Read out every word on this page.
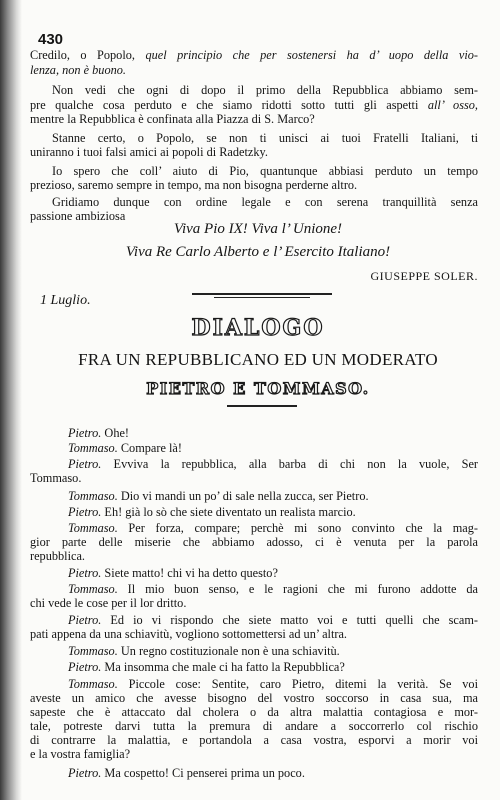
430
Credilo, o Popolo, quel principio che per sostenersi ha d’ uopo della vio-
lenza, non è buono.
Non vedi che ogni di dopo il primo della Repubblica abbiamo sem-
pre qualche cosa perduto e che siamo ridotti sotto tutti gli aspetti all’ osso,
mentre la Repubblica è confinata alla Piazza di S. Marco?
Stanne certo, o Popolo, se non ti unisci ai tuoi Fratelli Italiani, ti
uniranno i tuoi falsi amici ai popoli di Radetzky.
Io spero che coll’ aiuto di Pio, quantunque abbiasi perduto un tempo
prezioso, saremo sempre in tempo, ma non bisogna perderne altro.
Gridiamo dunque con ordine legale e con serena tranquillità senza
passione ambiziosa
Viva Pio IX! Viva l’ Unione!
Viva Re Carlo Alberto e l’ Esercito Italiano!
GIUSEPPE SOLER.
1 Luglio.
DIALOGO
FRA UN REPUBBLICANO ED UN MODERATO
PIETRO E TOMMASO.
Pietro. Ohe!
Tommaso. Compare là!
Pietro. Evviva la repubblica, alla barba di chi non la vuole, Ser
Tommaso.
Tommaso. Dio vi mandi un po’ di sale nella zucca, ser Pietro.
Pietro. Eh! già lo sò che siete diventato un realista marcio.
Tommaso. Per forza, compare; perchè mi sono convinto che la mag-
gior parte delle miserie che abbiamo adosso, ci è venuta per la parola
repubblica.
Pietro. Siete matto! chi vi ha detto questo?
Tommaso. Il mio buon senso, e le ragioni che mi furono addotte da
chi vede le cose per il lor dritto.
Pietro. Ed io vi rispondo che siete matto voi e tutti quelli che scam-
pati appena da una schiavitù, vogliono sottomettersi ad un’ altra.
Tommaso. Un regno costituzionale non è una schiavitù.
Pietro. Ma insomma che male ci ha fatto la Repubblica?
Tommaso. Piccole cose: Sentite, caro Pietro, ditemi la verità. Se voi
aveste un amico che avesse bisogno del vostro soccorso in casa sua, ma
sapeste che è attaccato dal cholera o da altra malattia contagiosa e mor-
tale, potreste darvi tutta la premura di andare a soccorrerlo col rischio
di contrarre la malattia, e portandola a casa vostra, esporvi a morir voi
e la vostra famiglia?
Pietro. Ma cospetto! Ci penserei prima un poco.
